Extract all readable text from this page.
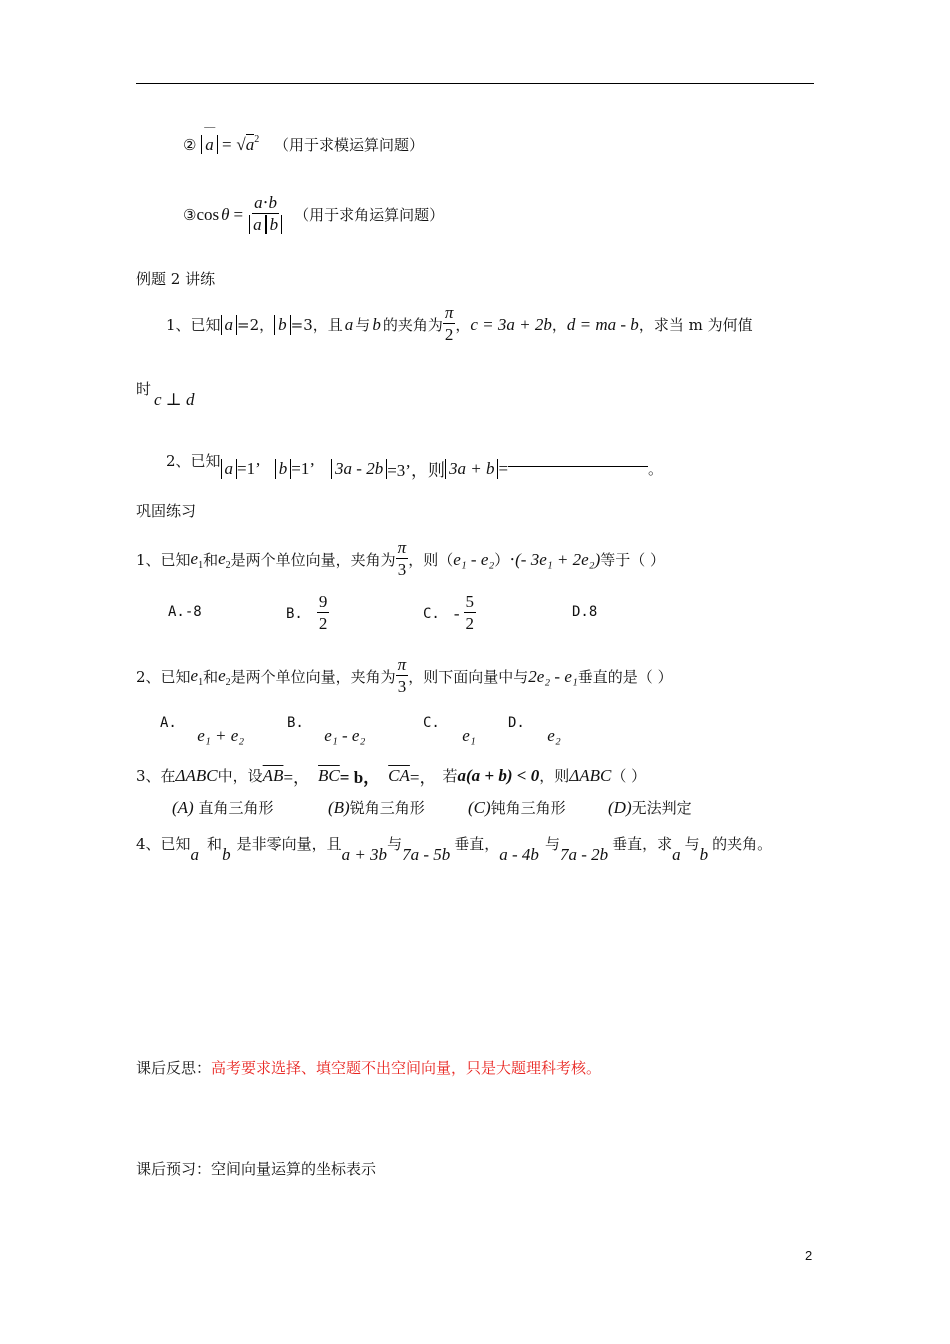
②
‒‒
$a = √a^2$ （用于求模运算问题）
③ $\cos \theta = \frac{a\cdot b}{\text{a b}}$ （用于求角运算问题）
例题 2 讲练
1、已知 a =2， b =3，且 a 与 b 的夹角为 $\frac{\pi}{2}$ ， c = 3a + 2b ， d = ma - b ，求当 m 为何值
时
c ⊥ d
2、已知 a =1’ b =1’ 3a - 2b =3’，则 3a + b =	。
巩固练习
1、已知 $e_1$ 和 $e_2$ 是两个单位向量，夹角为 $\frac{\pi}{3}$ ，则（ e₁ - e₂ ） ⋅ (- 3e₁ + 2e₂) 等于（ ）
A.-8	B. $\frac{9}{2}$	C. - $\frac{5}{2}$	D.8
2、已知 $e_1$ 和 $e_2$ 是两个单位向量，夹角为 $\frac{\pi}{3}$ ，则下面向量中与 2e₂ - e₁ 垂直的是（ ）
A. e₁ + e₂
B. e₁ - e₂
C. e₁
D. e₂
3、在 ΔABC 中，设 $\overline{AB}$ =， $\overline{BC} = b$， $\overline{CA}$ =， 若 a(a + b) < 0 ，则 ΔABC （ ）
(A) 直角三角形	(B)锐角三角形	(C)钝角三角形 (D)无法判定
4、已知
a
和
b
是非零向量，且
a + 3b
与
7a - 5b
垂直，
a - 4b
与
7a - 2b
垂直，求
a
与
b
的夹角。
课后反思：高考要求选择、填空题不出空间向量，只是大题理科考核。
课后预习：空间向量运算的坐标表示
2
